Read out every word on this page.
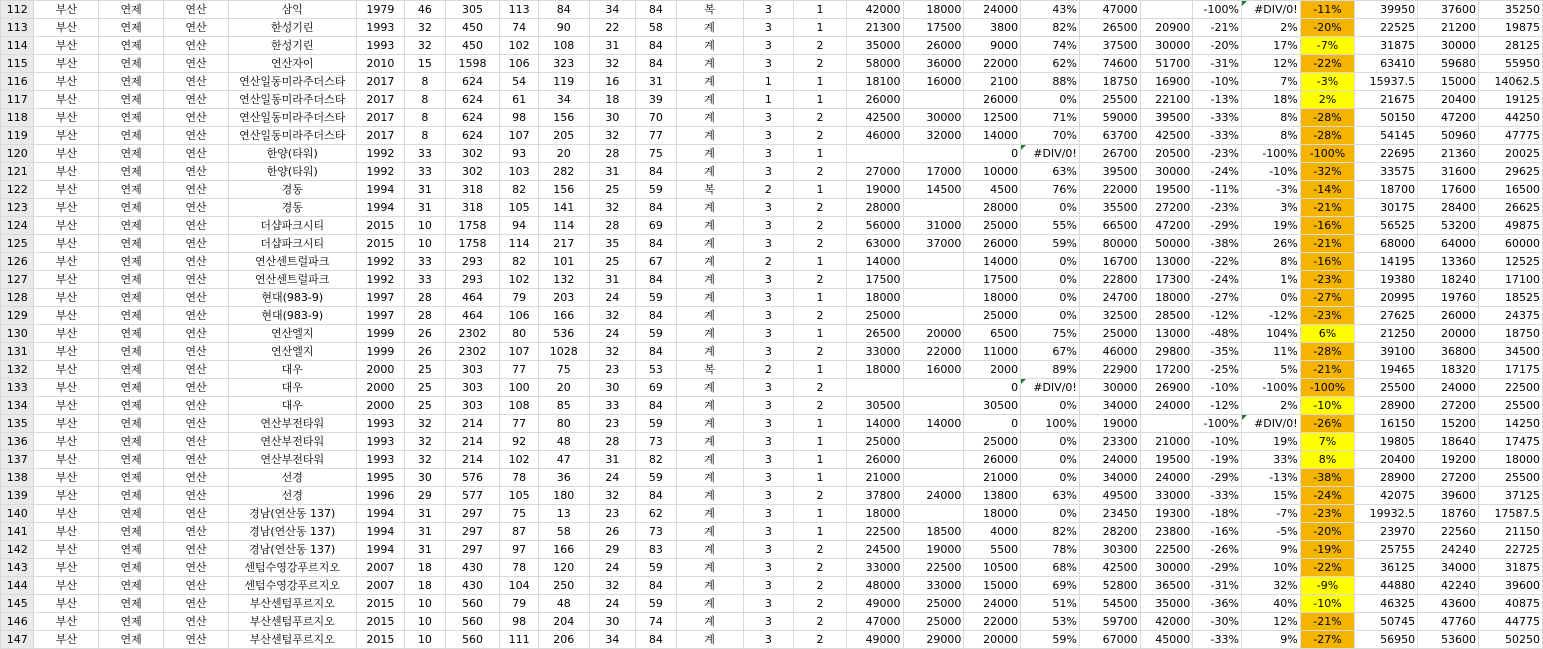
112	부산	연제	연산	삼익	1979	46	305	113	84	34	84	복	3	1	42000	18000	24000	43%	47000		-100%	#DIV/0!	-11%	39950	37600	35250
113	부산	연제	연산	한성기린	1993	32	450	74	90	22	58	계	3	1	21300	17500	3800	82%	26500	20900	-21%	2%	-20%	22525	21200	19875
114	부산	연제	연산	한성기린	1993	32	450	102	108	31	84	계	3	2	35000	26000	9000	74%	37500	30000	-20%	17%	-7%	31875	30000	28125
115	부산	연제	연산	연산자이	2010	15	1598	106	323	32	84	계	3	2	58000	36000	22000	62%	74600	51700	-31%	12%	-22%	63410	59680	55950
116	부산	연제	연산	연산일동미라주더스타	2017	8	624	54	119	16	31	계	1	1	18100	16000	2100	88%	18750	16900	-10%	7%	-3%	15937.5	15000	14062.5
117	부산	연제	연산	연산일동미라주더스타	2017	8	624	61	34	18	39	계	1	1	26000		26000	0%	25500	22100	-13%	18%	2%	21675	20400	19125
118	부산	연제	연산	연산일동미라주더스타	2017	8	624	98	156	30	70	계	3	2	42500	30000	12500	71%	59000	39500	-33%	8%	-28%	50150	47200	44250
119	부산	연제	연산	연산일동미라주더스타	2017	8	624	107	205	32	77	계	3	2	46000	32000	14000	70%	63700	42500	-33%	8%	-28%	54145	50960	47775
120	부산	연제	연산	한양(타워)	1992	33	302	93	20	28	75	계	3	1			0	#DIV/0!	26700	20500	-23%	-100%	-100%	22695	21360	20025
121	부산	연제	연산	한양(타워)	1992	33	302	103	282	31	84	계	3	2	27000	17000	10000	63%	39500	30000	-24%	-10%	-32%	33575	31600	29625
122	부산	연제	연산	경동	1994	31	318	82	156	25	59	복	2	1	19000	14500	4500	76%	22000	19500	-11%	-3%	-14%	18700	17600	16500
123	부산	연제	연산	경동	1994	31	318	105	141	32	84	계	3	2	28000		28000	0%	35500	27200	-23%	3%	-21%	30175	28400	26625
124	부산	연제	연산	더샵파크시티	2015	10	1758	94	114	28	69	계	3	2	56000	31000	25000	55%	66500	47200	-29%	19%	-16%	56525	53200	49875
125	부산	연제	연산	더샵파크시티	2015	10	1758	114	217	35	84	계	3	2	63000	37000	26000	59%	80000	50000	-38%	26%	-21%	68000	64000	60000
126	부산	연제	연산	연산센트럴파크	1992	33	293	82	101	25	67	계	2	1	14000		14000	0%	16700	13000	-22%	8%	-16%	14195	13360	12525
127	부산	연제	연산	연산센트럴파크	1992	33	293	102	132	31	84	계	3	2	17500		17500	0%	22800	17300	-24%	1%	-23%	19380	18240	17100
128	부산	연제	연산	현대(983-9)	1997	28	464	79	203	24	59	계	3	1	18000		18000	0%	24700	18000	-27%	0%	-27%	20995	19760	18525
129	부산	연제	연산	현대(983-9)	1997	28	464	106	166	32	84	계	3	2	25000		25000	0%	32500	28500	-12%	-12%	-23%	27625	26000	24375
130	부산	연제	연산	연산엘지	1999	26	2302	80	536	24	59	계	3	1	26500	20000	6500	75%	25000	13000	-48%	104%	6%	21250	20000	18750
131	부산	연제	연산	연산엘지	1999	26	2302	107	1028	32	84	계	3	2	33000	22000	11000	67%	46000	29800	-35%	11%	-28%	39100	36800	34500
132	부산	연제	연산	대우	2000	25	303	77	75	23	53	복	2	1	18000	16000	2000	89%	22900	17200	-25%	5%	-21%	19465	18320	17175
133	부산	연제	연산	대우	2000	25	303	100	20	30	69	계	3	2			0	#DIV/0!	30000	26900	-10%	-100%	-100%	25500	24000	22500
134	부산	연제	연산	대우	2000	25	303	108	85	33	84	계	3	2	30500		30500	0%	34000	24000	-12%	2%	-10%	28900	27200	25500
135	부산	연제	연산	연산부전타워	1993	32	214	77	80	23	59	계	3	1	14000	14000	0	100%	19000		-100%	#DIV/0!	-26%	16150	15200	14250
136	부산	연제	연산	연산부전타워	1993	32	214	92	48	28	73	계	3	1	25000		25000	0%	23300	21000	-10%	19%	7%	19805	18640	17475
137	부산	연제	연산	연산부전타워	1993	32	214	102	47	31	82	계	3	1	26000		26000	0%	24000	19500	-19%	33%	8%	20400	19200	18000
138	부산	연제	연산	선경	1995	30	576	78	36	24	59	계	3	1	21000		21000	0%	34000	24000	-29%	-13%	-38%	28900	27200	25500
139	부산	연제	연산	선경	1996	29	577	105	180	32	84	계	3	2	37800	24000	13800	63%	49500	33000	-33%	15%	-24%	42075	39600	37125
140	부산	연제	연산	경남(연산동 137)	1994	31	297	75	13	23	62	계	3	1	18000		18000	0%	23450	19300	-18%	-7%	-23%	19932.5	18760	17587.5
141	부산	연제	연산	경남(연산동 137)	1994	31	297	87	58	26	73	계	3	1	22500	18500	4000	82%	28200	23800	-16%	-5%	-20%	23970	22560	21150
142	부산	연제	연산	경남(연산동 137)	1994	31	297	97	166	29	83	계	3	2	24500	19000	5500	78%	30300	22500	-26%	9%	-19%	25755	24240	22725
143	부산	연제	연산	센텀수영강푸르지오	2007	18	430	78	120	24	59	계	3	2	33000	22500	10500	68%	42500	30000	-29%	10%	-22%	36125	34000	31875
144	부산	연제	연산	센텀수영강푸르지오	2007	18	430	104	250	32	84	계	3	2	48000	33000	15000	69%	52800	36500	-31%	32%	-9%	44880	42240	39600
145	부산	연제	연산	부산센텀푸르지오	2015	10	560	79	48	24	59	계	3	2	49000	25000	24000	51%	54500	35000	-36%	40%	-10%	46325	43600	40875
146	부산	연제	연산	부산센텀푸르지오	2015	10	560	98	204	30	74	계	3	2	47000	25000	22000	53%	59700	42000	-30%	12%	-21%	50745	47760	44775
147	부산	연제	연산	부산센텀푸르지오	2015	10	560	111	206	34	84	계	3	2	49000	29000	20000	59%	67000	45000	-33%	9%	-27%	56950	53600	50250
